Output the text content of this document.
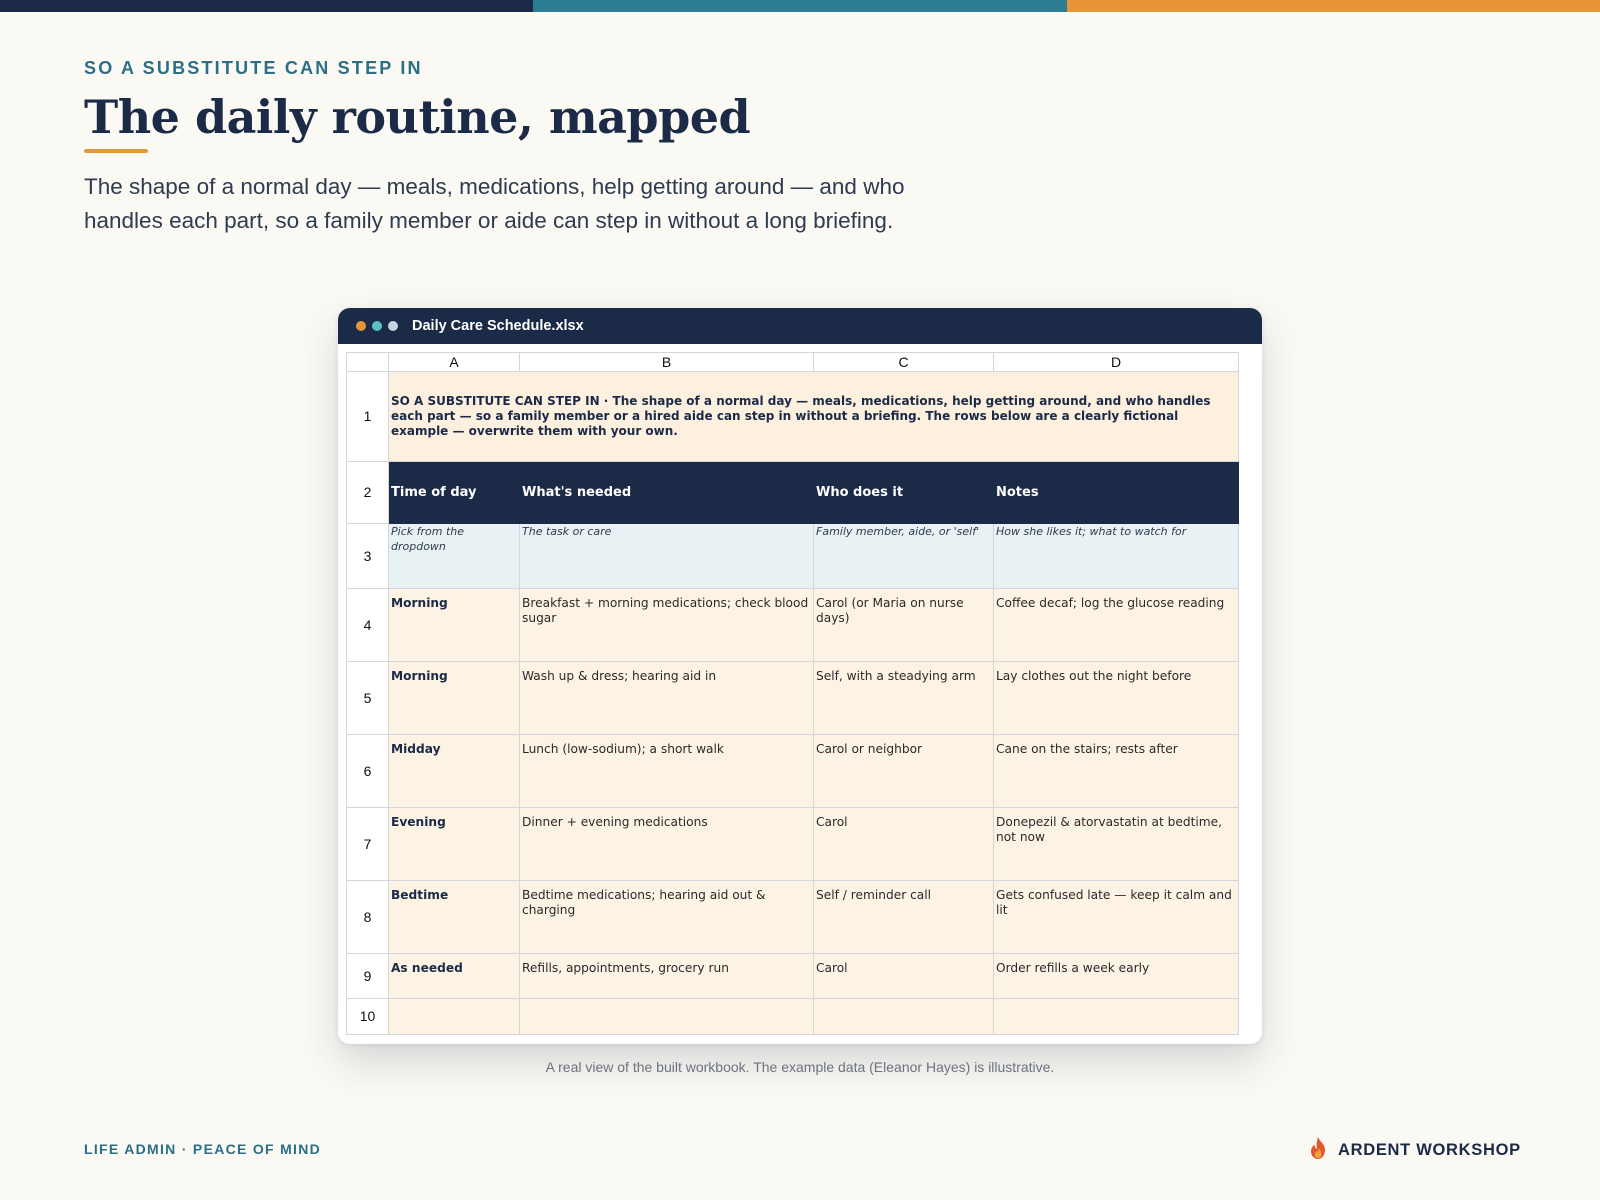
SO A SUBSTITUTE CAN STEP IN
The daily routine, mapped
The shape of a normal day — meals, medications, help getting around — and who
handles each part, so a family member or aide can step in without a long briefing.
Daily Care Schedule.xlsx
	A	B	C	D
1	SO A SUBSTITUTE CAN STEP IN · The shape of a normal day — meals, medications, help getting around, and who handles each part — so a family member or a hired aide can step in without a briefing. The rows below are a clearly fictional example — overwrite them with your own.			
2	Time of day	What's needed	Who does it	Notes
3	Pick from the dropdown	The task or care	Family member, aide, or 'self'	How she likes it; what to watch for
4	Morning	Breakfast + morning medications; check blood sugar	Carol (or Maria on nurse days)	Coffee decaf; log the glucose reading
5	Morning	Wash up & dress; hearing aid in	Self, with a steadying arm	Lay clothes out the night before
6	Midday	Lunch (low-sodium); a short walk	Carol or neighbor	Cane on the stairs; rests after
7	Evening	Dinner + evening medications	Carol	Donepezil & atorvastatin at bedtime, not now
8	Bedtime	Bedtime medications; hearing aid out & charging	Self / reminder call	Gets confused late — keep it calm and lit
9	As needed	Refills, appointments, grocery run	Carol	Order refills a week early
10				
A real view of the built workbook. The example data (Eleanor Hayes) is illustrative.
LIFE ADMIN · PEACE OF MIND	ARDENT WORKSHOP
